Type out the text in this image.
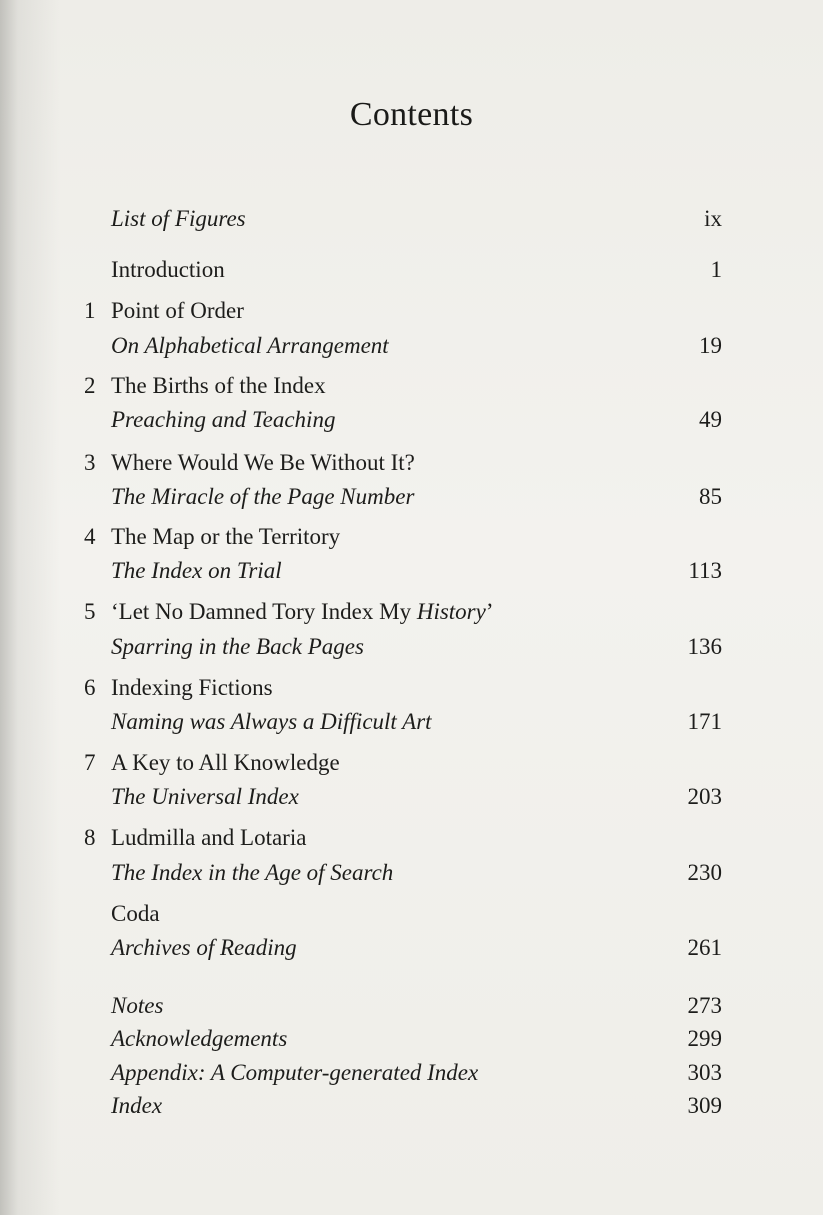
Contents
List of Figures	ix
Introduction	1
1 Point of Order
On Alphabetical Arrangement	19
2 The Births of the Index
Preaching and Teaching	49
3 Where Would We Be Without It?
The Miracle of the Page Number	85
4 The Map or the Territory
The Index on Trial	113
5 ‘Let No Damned Tory Index My History’
Sparring in the Back Pages	136
6 Indexing Fictions
Naming was Always a Difficult Art	171
7 A Key to All Knowledge
The Universal Index	203
8 Ludmilla and Lotaria
The Index in the Age of Search	230
Coda
Archives of Reading	261
Notes	273
Acknowledgements	299
Appendix: A Computer-generated Index	303
Index	309
